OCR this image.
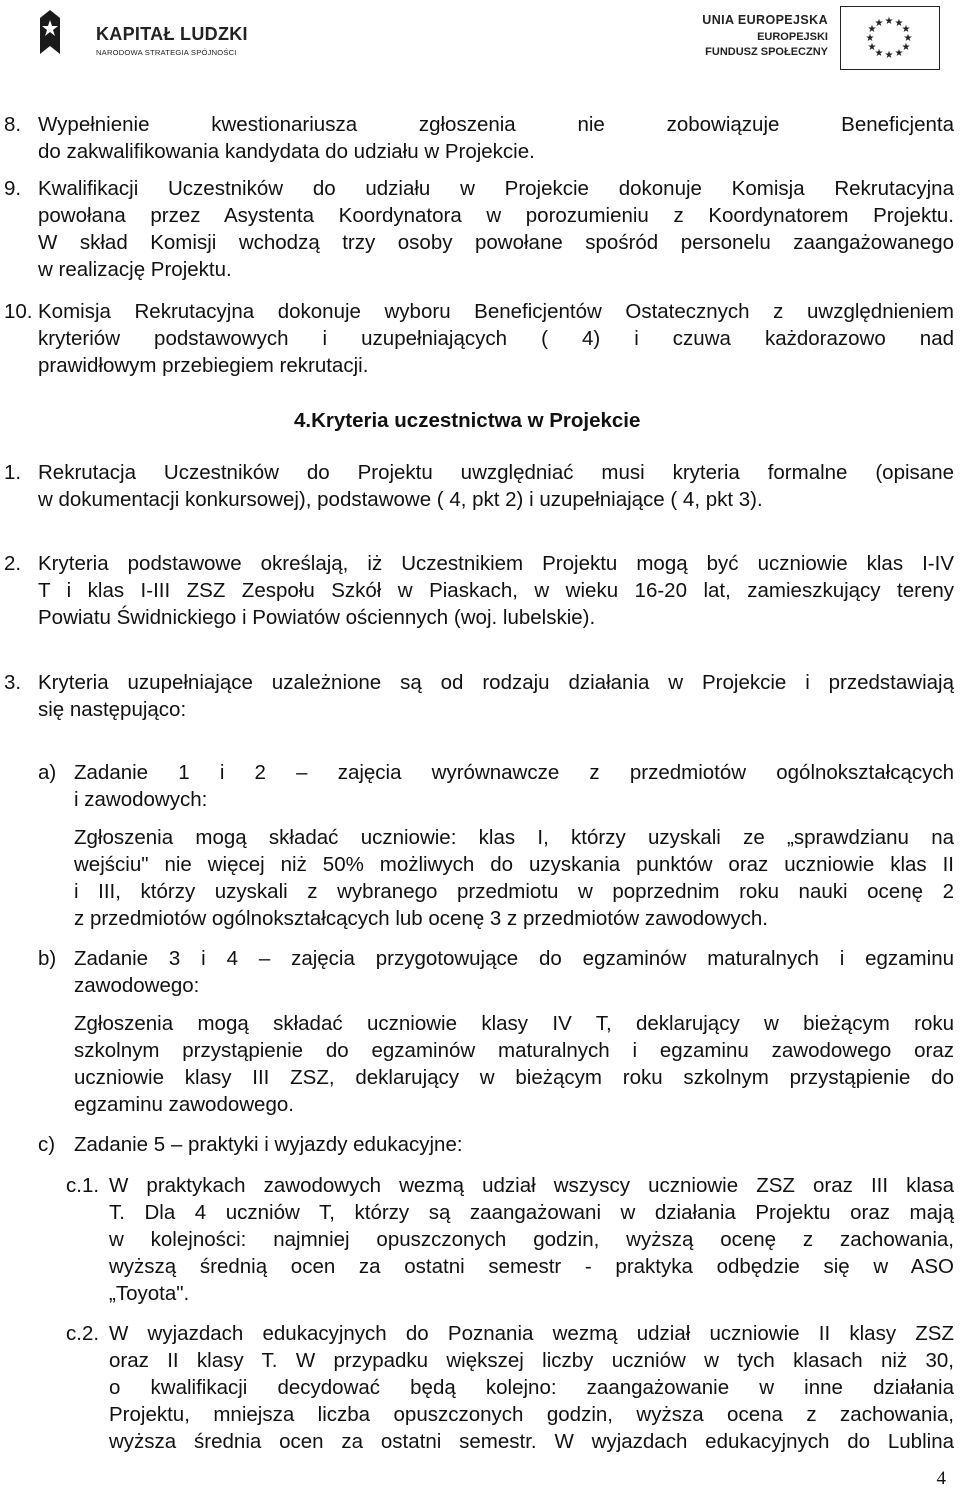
KAPITAŁ LUDZKI
NARODOWA STRATEGIA SPÓJNOŚCI
UNIA EUROPEJSKA
EUROPEJSKI
FUNDUSZ SPOŁECZNY
★ ★
★
★
★
★
★
★
★
★
★
★
8. Wypełnienie kwestionariusza zgłoszenia nie zobowiązuje Beneficjenta
do zakwalifikowania kandydata do udziału w Projekcie.
9. Kwalifikacji Uczestników do udziału w Projekcie dokonuje Komisja Rekrutacyjna
powołana przez Asystenta Koordynatora w porozumieniu z Koordynatorem Projektu.
W skład Komisji wchodzą trzy osoby powołane spośród personelu zaangażowanego
w realizację Projektu.
10. Komisja Rekrutacyjna dokonuje wyboru Beneficjentów Ostatecznych z uwzględnieniem
kryteriów podstawowych i uzupełniających ( 4) i czuwa każdorazowo nad
prawidłowym przebiegiem rekrutacji.
4.Kryteria uczestnictwa w Projekcie
1. Rekrutacja Uczestników do Projektu uwzględniać musi kryteria formalne (opisane
w dokumentacji konkursowej), podstawowe ( 4, pkt 2) i uzupełniające ( 4, pkt 3).
2. Kryteria podstawowe określają, iż Uczestnikiem Projektu mogą być uczniowie klas I-IV
T i klas I-III ZSZ Zespołu Szkół w Piaskach, w wieku 16-20 lat, zamieszkujący tereny
Powiatu Świdnickiego i Powiatów ościennych (woj. lubelskie).
3. Kryteria uzupełniające uzależnione są od rodzaju działania w Projekcie i przedstawiają
się następująco:
a) Zadanie 1 i 2 – zajęcia wyrównawcze z przedmiotów ogólnokształcących
i zawodowych:
Zgłoszenia mogą składać uczniowie: klas I, którzy uzyskali ze „sprawdzianu na
wejściu" nie więcej niż 50% możliwych do uzyskania punktów oraz uczniowie klas II
i III, którzy uzyskali z wybranego przedmiotu w poprzednim roku nauki ocenę 2
z przedmiotów ogólnokształcących lub ocenę 3 z przedmiotów zawodowych.
b) Zadanie 3 i 4 – zajęcia przygotowujące do egzaminów maturalnych i egzaminu
zawodowego:
Zgłoszenia mogą składać uczniowie klasy IV T, deklarujący w bieżącym roku
szkolnym przystąpienie do egzaminów maturalnych i egzaminu zawodowego oraz
uczniowie klasy III ZSZ, deklarujący w bieżącym roku szkolnym przystąpienie do
egzaminu zawodowego.
c) Zadanie 5 – praktyki i wyjazdy edukacyjne:
c.1. W praktykach zawodowych wezmą udział wszyscy uczniowie ZSZ oraz III klasa
T. Dla 4 uczniów T, którzy są zaangażowani w działania Projektu oraz mają
w kolejności: najmniej opuszczonych godzin, wyższą ocenę z zachowania,
wyższą średnią ocen za ostatni semestr - praktyka odbędzie się w ASO
„Toyota".
c.2. W wyjazdach edukacyjnych do Poznania wezmą udział uczniowie II klasy ZSZ
oraz II klasy T. W przypadku większej liczby uczniów w tych klasach niż 30,
o kwalifikacji decydować będą kolejno: zaangażowanie w inne działania
Projektu, mniejsza liczba opuszczonych godzin, wyższa ocena z zachowania,
wyższa średnia ocen za ostatni semestr. W wyjazdach edukacyjnych do Lublina
4
